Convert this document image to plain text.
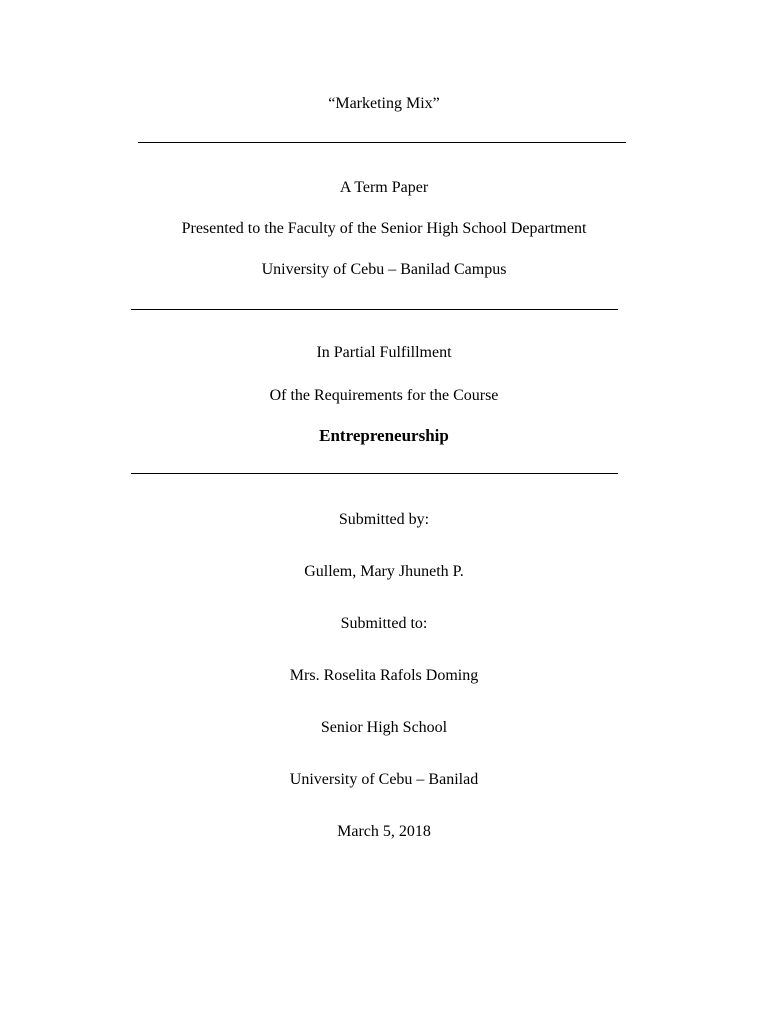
“Marketing Mix”
A Term Paper
Presented to the Faculty of the Senior High School Department
University of Cebu – Banilad Campus
In Partial Fulfillment
Of the Requirements for the Course
Entrepreneurship
Submitted by:
Gullem, Mary Jhuneth P.
Submitted to:
Mrs. Roselita Rafols Doming
Senior High School
University of Cebu – Banilad
March 5, 2018
